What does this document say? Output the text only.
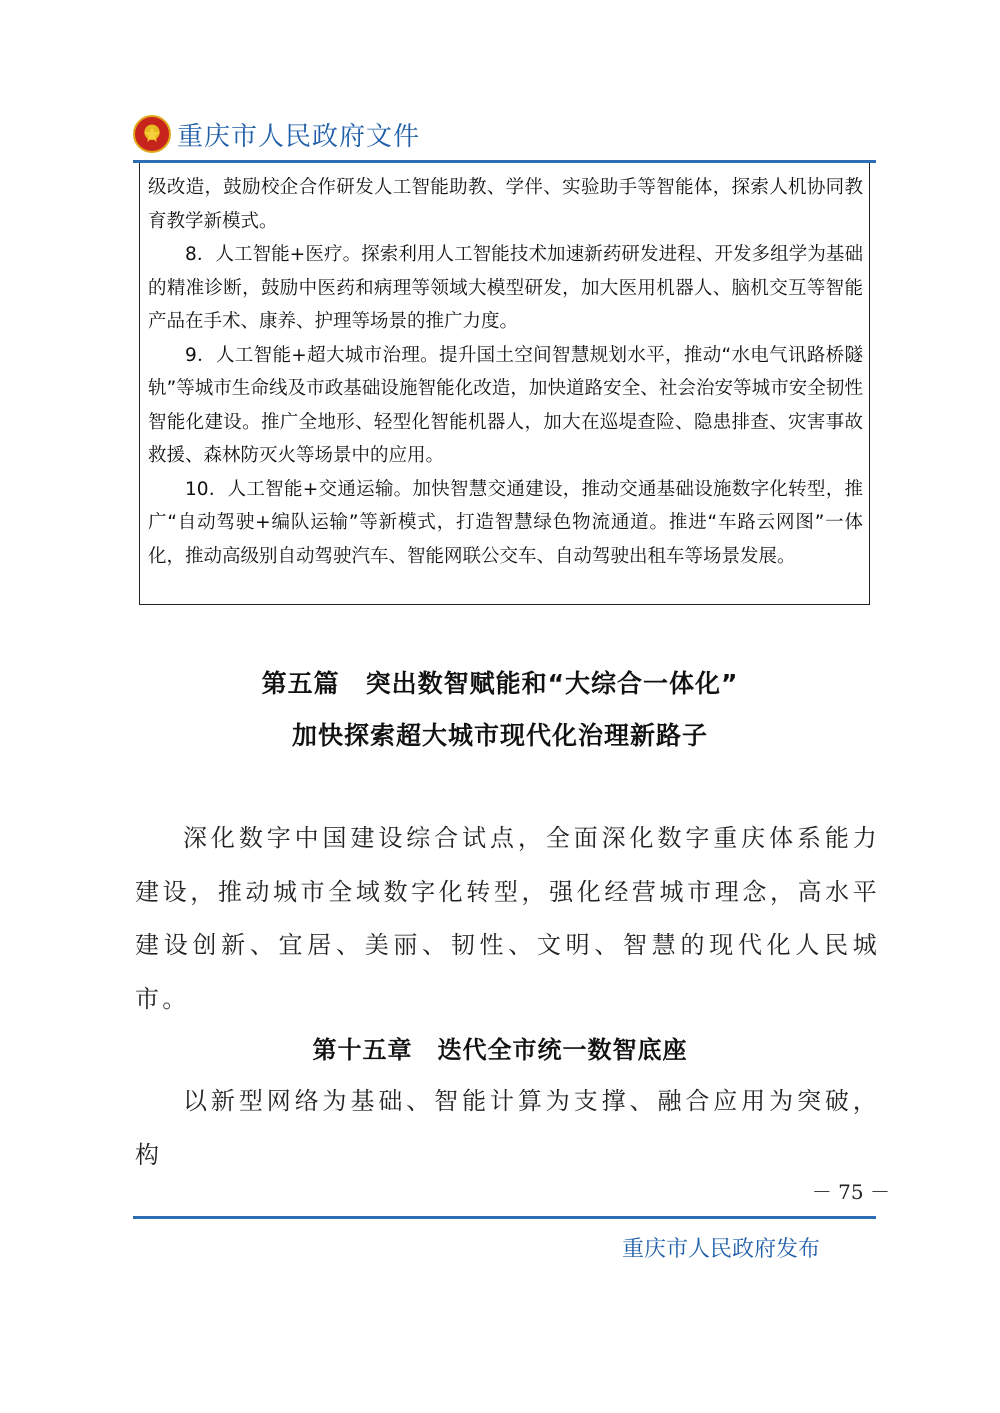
重庆市人民政府文件

级改造，鼓励校企合作研发人工智能助教、学伴、实验助手等智能体，探索人机协同教育教学新模式。

8．人工智能+医疗。探索利用人工智能技术加速新药研发进程、开发多组学为基础的精准诊断，鼓励中医药和病理等领域大模型研发，加大医用机器人、脑机交互等智能产品在手术、康养、护理等场景的推广力度。

9．人工智能+超大城市治理。提升国土空间智慧规划水平，推动“水电气讯路桥隧轨”等城市生命线及市政基础设施智能化改造，加快道路安全、社会治安等城市安全韧性智能化建设。推广全地形、轻型化智能机器人，加大在巡堤查险、隐患排查、灾害事故救援、森林防灭火等场景中的应用。

10．人工智能+交通运输。加快智慧交通建设，推动交通基础设施数字化转型，推广“自动驾驶+编队运输”等新模式，打造智慧绿色物流通道。推进“车路云网图”一体化，推动高级别自动驾驶汽车、智能网联公交车、自动驾驶出租车等场景发展。

第五篇　突出数智赋能和“大综合一体化”
加快探索超大城市现代化治理新路子
深化数字中国建设综合试点，全面深化数字重庆体系能力建设，推动城市全域数字化转型，强化经营城市理念，高水平建设创新、宜居、美丽、韧性、文明、智慧的现代化人民城市。
第十五章　迭代全市统一数智底座
以新型网络为基础、智能计算为支撑、融合应用为突破，构
－ 75 －
重庆市人民政府发布
